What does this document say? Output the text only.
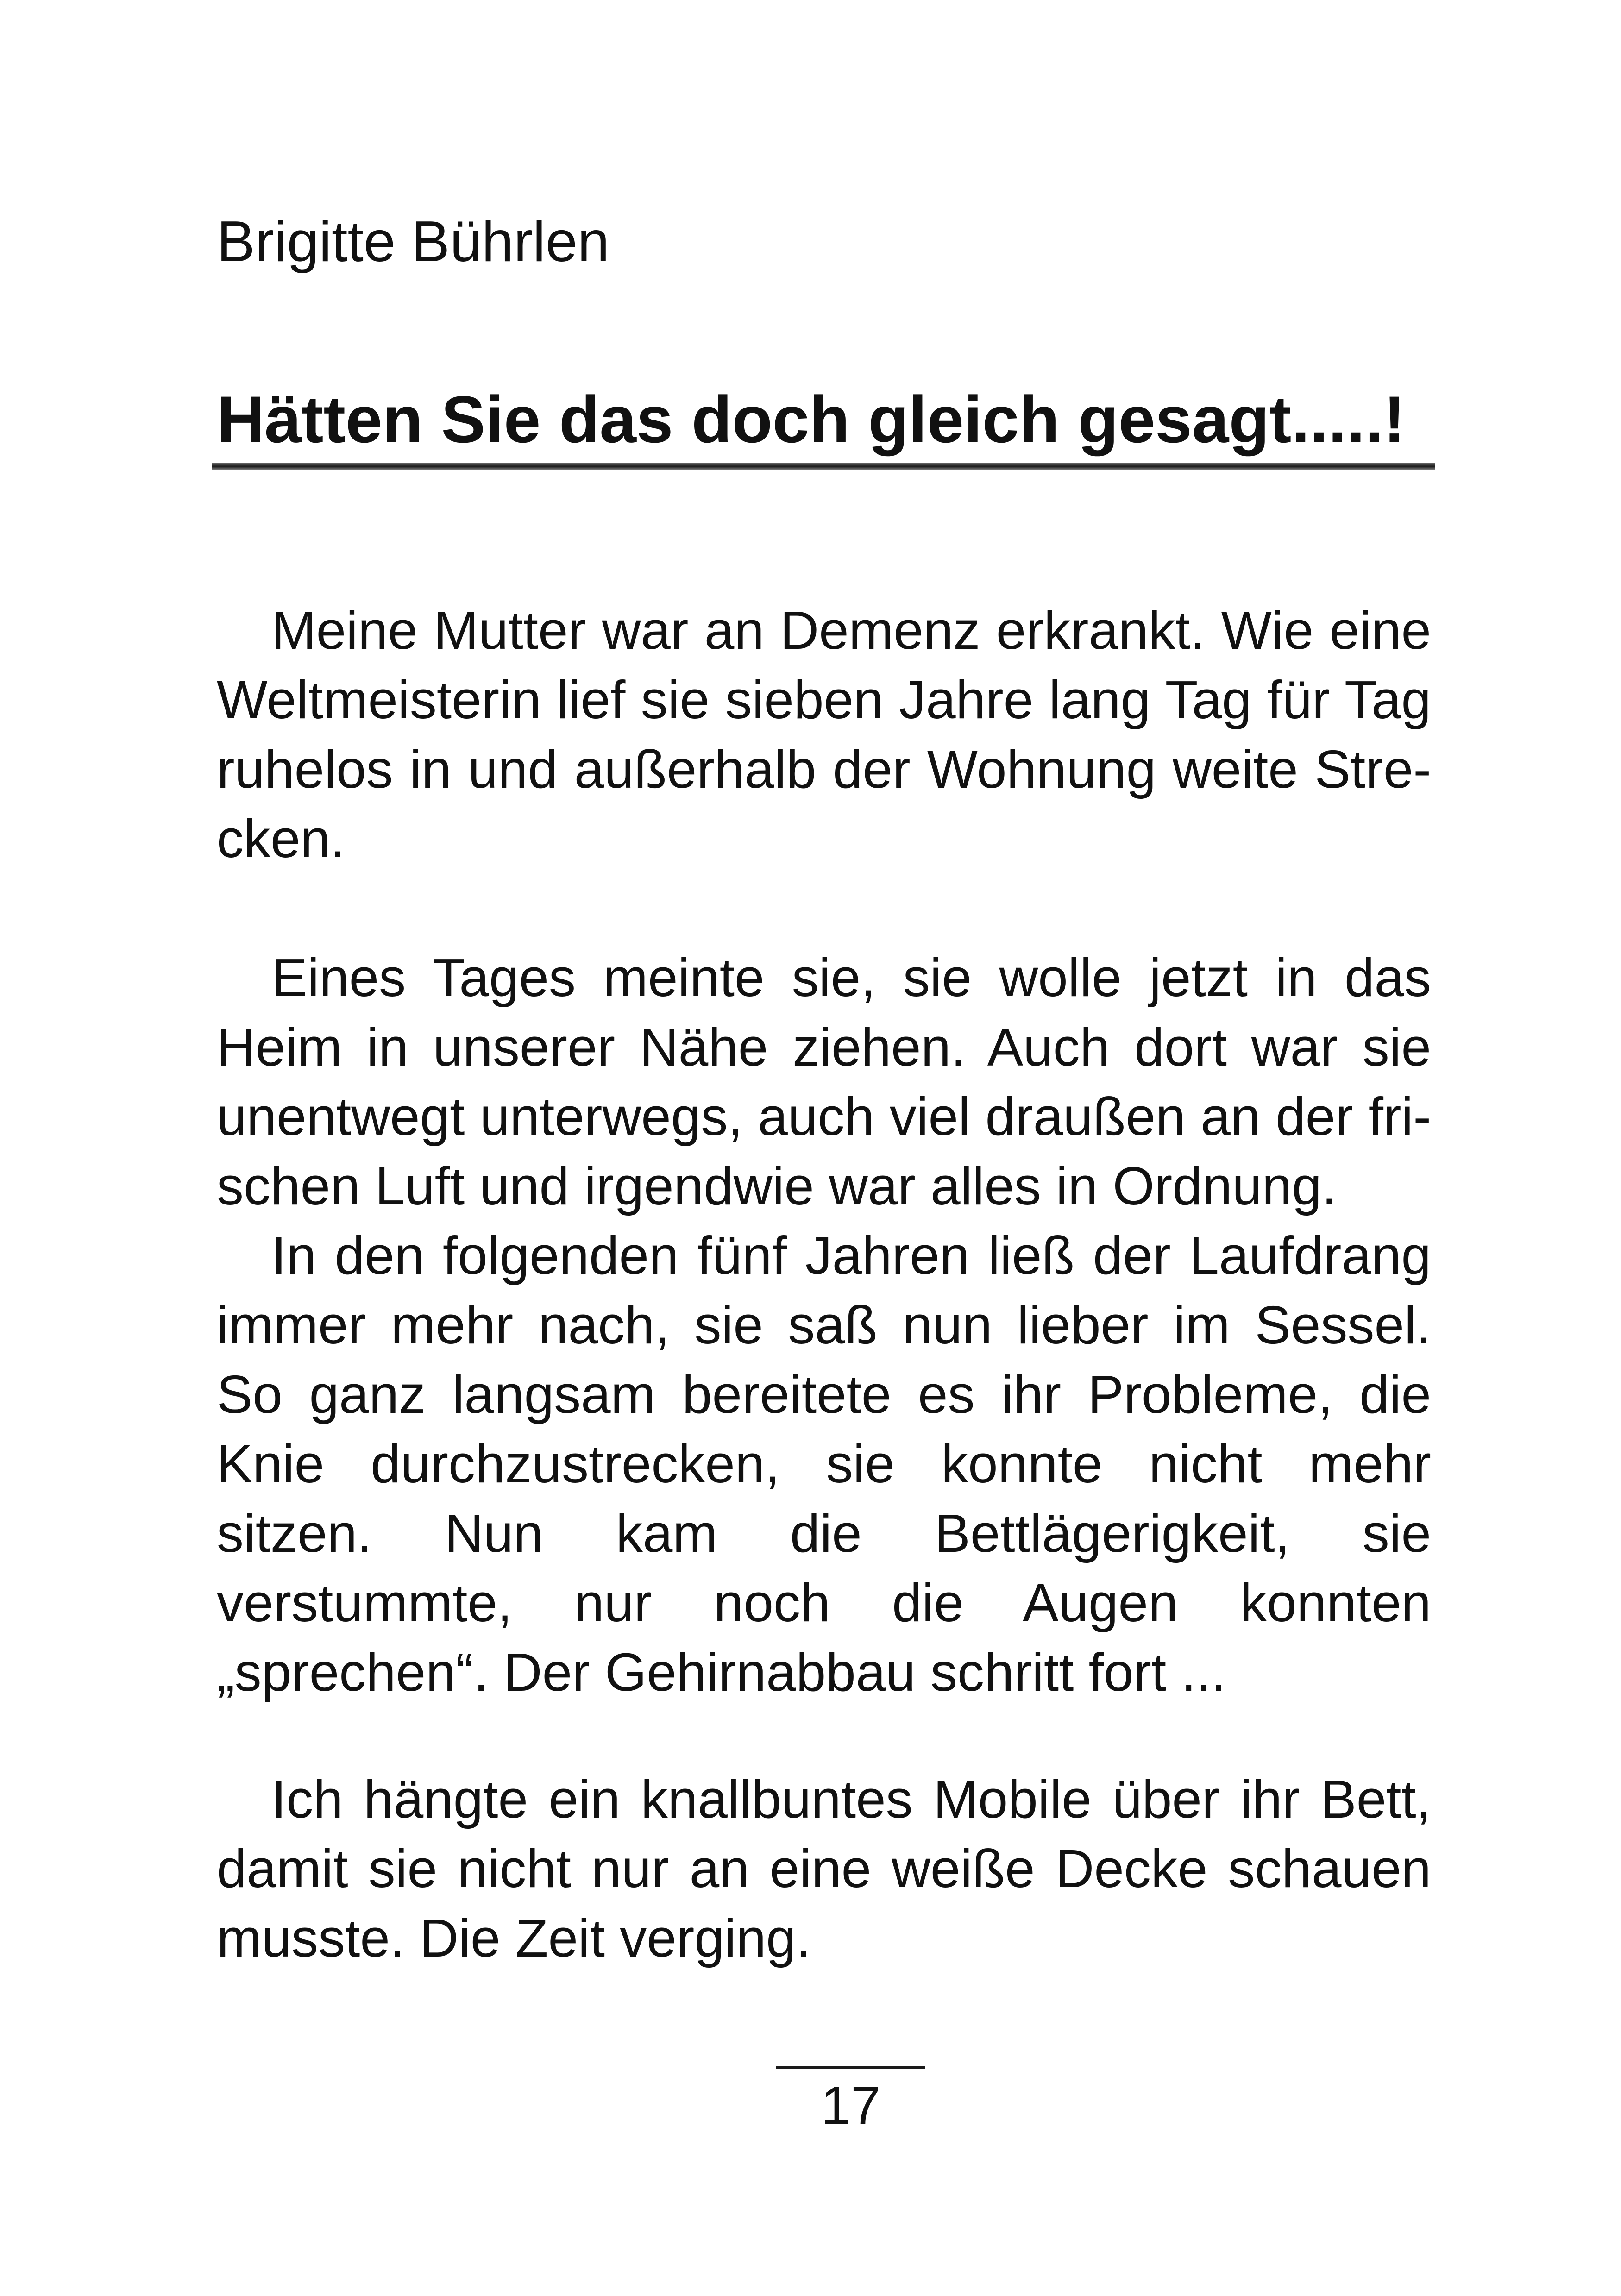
Brigitte Bührlen
Hätten Sie das doch gleich gesagt.....!

Meine Mutter war an Demenz erkrankt. Wie eine Weltmeisterin lief sie sieben Jahre lang Tag für Tag ruhelos in und außerhalb der Wohnung weite Strecken.

Eines Tages meinte sie, sie wolle jetzt in das Heim in unserer Nähe ziehen. Auch dort war sie unentwegt unterwegs, auch viel draußen an der frischen Luft und irgendwie war alles in Ordnung.

In den folgenden fünf Jahren ließ der Laufdrang immer mehr nach, sie saß nun lieber im Sessel. So ganz langsam bereitete es ihr Probleme, die Knie durchzustrecken, sie konnte nicht mehr sitzen. Nun kam die Bettlägerigkeit, sie verstummte, nur noch die Augen konnten „sprechen“. Der Gehirnabbau schritt fort ...

Ich hängte ein knallbuntes Mobile über ihr Bett, damit sie nicht nur an eine weiße Decke schauen musste. Die Zeit verging.

17
